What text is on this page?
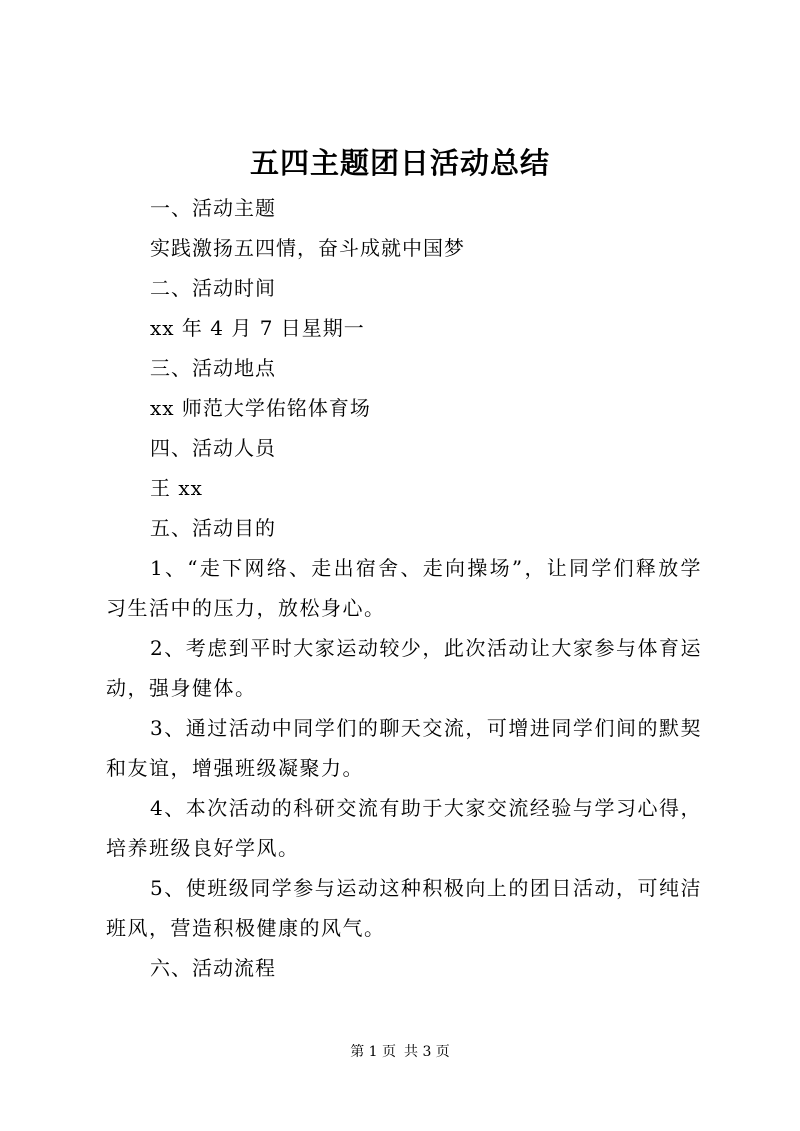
五四主题团日活动总结
一、活动主题
实践激扬五四情，奋斗成就中国梦
二、活动时间
xx 年 4 月 7 日星期一
三、活动地点
xx 师范大学佑铭体育场
四、活动人员
王 xx
五、活动目的

1、“走下网络、走出宿舍、走向操场”，让同学们释放学习生活中的压力，放松身心。

2、考虑到平时大家运动较少，此次活动让大家参与体育运动，强身健体。

3、通过活动中同学们的聊天交流，可增进同学们间的默契和友谊，增强班级凝聚力。

4、本次活动的科研交流有助于大家交流经验与学习心得，培养班级良好学风。

5、使班级同学参与运动这种积极向上的团日活动，可纯洁班风，营造积极健康的风气。

六、活动流程
第 1 页 共 3 页
